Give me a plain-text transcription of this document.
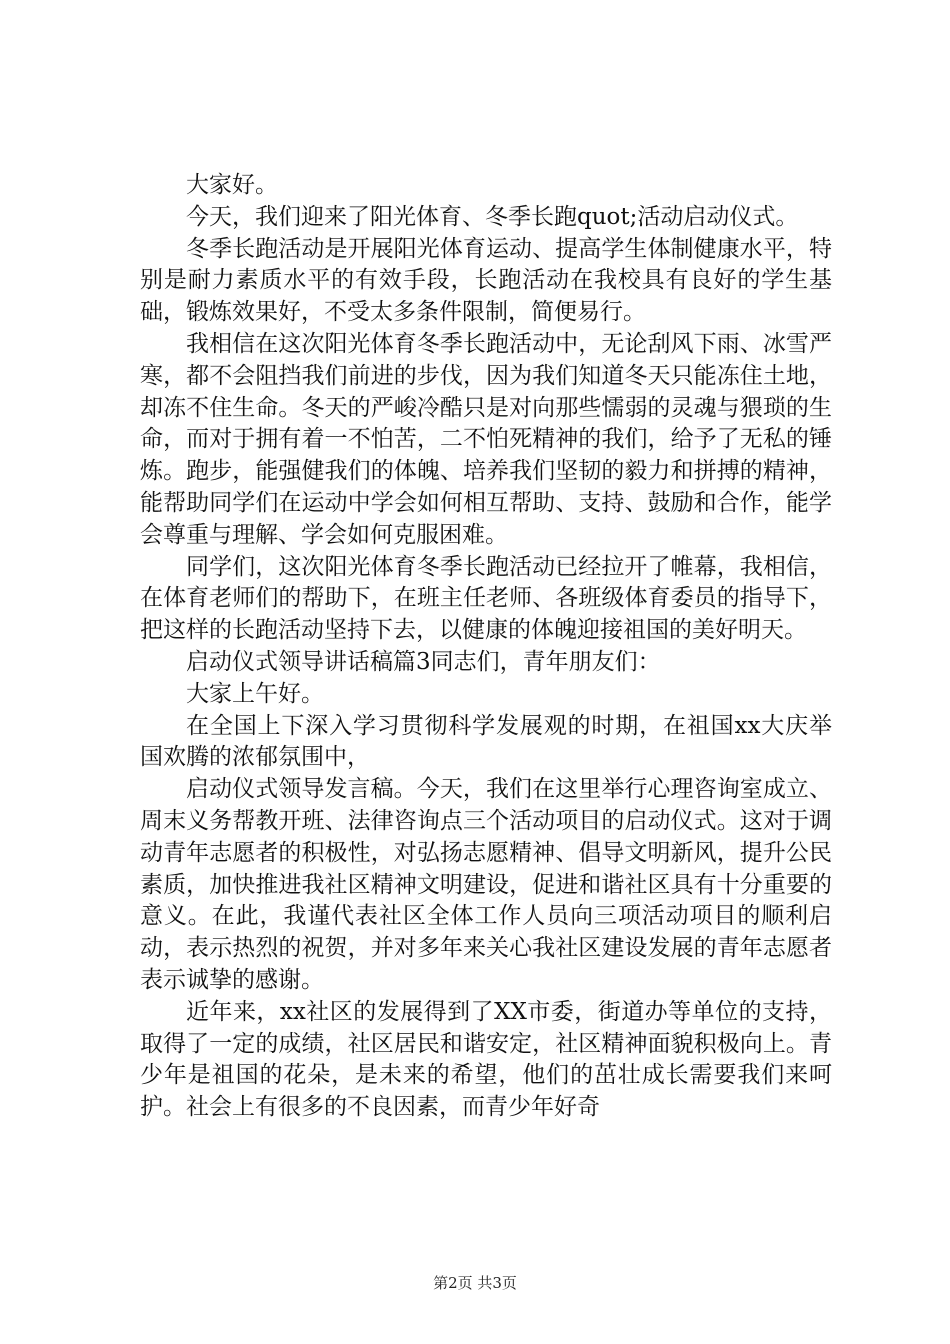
大家好。

今天，我们迎来了阳光体育、冬季长跑quot;活动启动仪式。

冬季长跑活动是开展阳光体育运动、提高学生体制健康水平，特别是耐力素质水平的有效手段，长跑活动在我校具有良好的学生基础，锻炼效果好，不受太多条件限制，简便易行。

我相信在这次阳光体育冬季长跑活动中，无论刮风下雨、冰雪严寒，都不会阻挡我们前进的步伐，因为我们知道冬天只能冻住土地，却冻不住生命。冬天的严峻冷酷只是对向那些懦弱的灵魂与猥琐的生命，而对于拥有着一不怕苦，二不怕死精神的我们，给予了无私的锤炼。跑步，能强健我们的体魄、培养我们坚韧的毅力和拼搏的精神，能帮助同学们在运动中学会如何相互帮助、支持、鼓励和合作，能学会尊重与理解、学会如何克服困难。

同学们，这次阳光体育冬季长跑活动已经拉开了帷幕，我相信，在体育老师们的帮助下，在班主任老师、各班级体育委员的指导下，把这样的长跑活动坚持下去，以健康的体魄迎接祖国的美好明天。

启动仪式领导讲话稿篇3同志们，青年朋友们：

大家上午好。

在全国上下深入学习贯彻科学发展观的时期，在祖国xx大庆举国欢腾的浓郁氛围中，

启动仪式领导发言稿。今天，我们在这里举行心理咨询室成立、周末义务帮教开班、法律咨询点三个活动项目的启动仪式。这对于调动青年志愿者的积极性，对弘扬志愿精神、倡导文明新风，提升公民素质，加快推进我社区精神文明建设，促进和谐社区具有十分重要的意义。在此，我谨代表社区全体工作人员向三项活动项目的顺利启动，表示热烈的祝贺，并对多年来关心我社区建设发展的青年志愿者表示诚挚的感谢。

近年来，xx社区的发展得到了XX市委，街道办等单位的支持，取得了一定的成绩，社区居民和谐安定，社区精神面貌积极向上。青少年是祖国的花朵，是未来的希望，他们的茁壮成长需要我们来呵护。社会上有很多的不良因素，而青少年好奇

第2页 共3页
